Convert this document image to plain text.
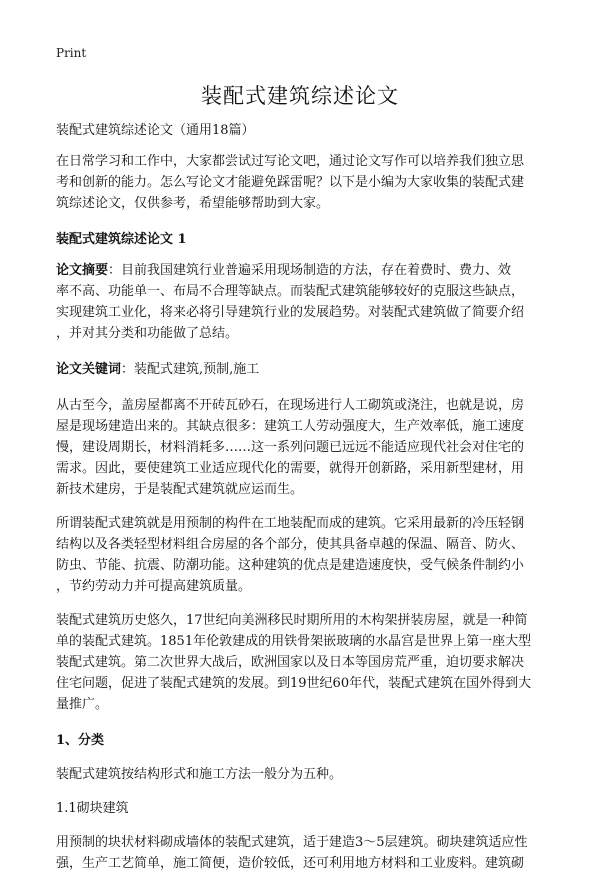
Print
装配式建筑综述论文
装配式建筑综述论文（通用18篇）
在日常学习和工作中，大家都尝试过写论文吧，通过论文写作可以培养我们独立思
考和创新的能力。怎么写论文才能避免踩雷呢？以下是小编为大家收集的装配式建
筑综述论文，仅供参考，希望能够帮助到大家。
装配式建筑综述论文 1
论文摘要：目前我国建筑行业普遍采用现场制造的方法，存在着费时、费力、效
率不高、功能单一、布局不合理等缺点。而装配式建筑能够较好的克服这些缺点，
实现建筑工业化，将来必将引导建筑行业的发展趋势。对装配式建筑做了简要介绍
，并对其分类和功能做了总结。
论文关键词：装配式建筑,预制,施工
从古至今，盖房屋都离不开砖瓦砂石，在现场进行人工砌筑或浇注，也就是说，房
屋是现场建造出来的。其缺点很多：建筑工人劳动强度大，生产效率低，施工速度
慢，建设周期长，材料消耗多……这一系列问题已远远不能适应现代社会对住宅的
需求。因此，要使建筑工业适应现代化的需要，就得开创新路，采用新型建材，用
新技术建房，于是装配式建筑就应运而生。
所谓装配式建筑就是用预制的构件在工地装配而成的建筑。它采用最新的冷压轻钢
结构以及各类轻型材料组合房屋的各个部分，使其具备卓越的保温、隔音、防火、
防虫、节能、抗震、防潮功能。这种建筑的优点是建造速度快，受气候条件制约小
，节约劳动力并可提高建筑质量。
装配式建筑历史悠久，17世纪向美洲移民时期所用的木构架拼装房屋，就是一种简
单的装配式建筑。1851年伦敦建成的用铁骨架嵌玻璃的水晶宫是世界上第一座大型
装配式建筑。第二次世界大战后，欧洲国家以及日本等国房荒严重，迫切要求解决
住宅问题，促进了装配式建筑的发展。到19世纪60年代，装配式建筑在国外得到大
量推广。
1、分类
装配式建筑按结构形式和施工方法一般分为五种。
1.1砌块建筑
用预制的块状材料砌成墙体的装配式建筑，适于建造3～5层建筑。砌块建筑适应性
强，生产工艺简单，施工简便，造价较低，还可利用地方材料和工业废料。建筑砌
